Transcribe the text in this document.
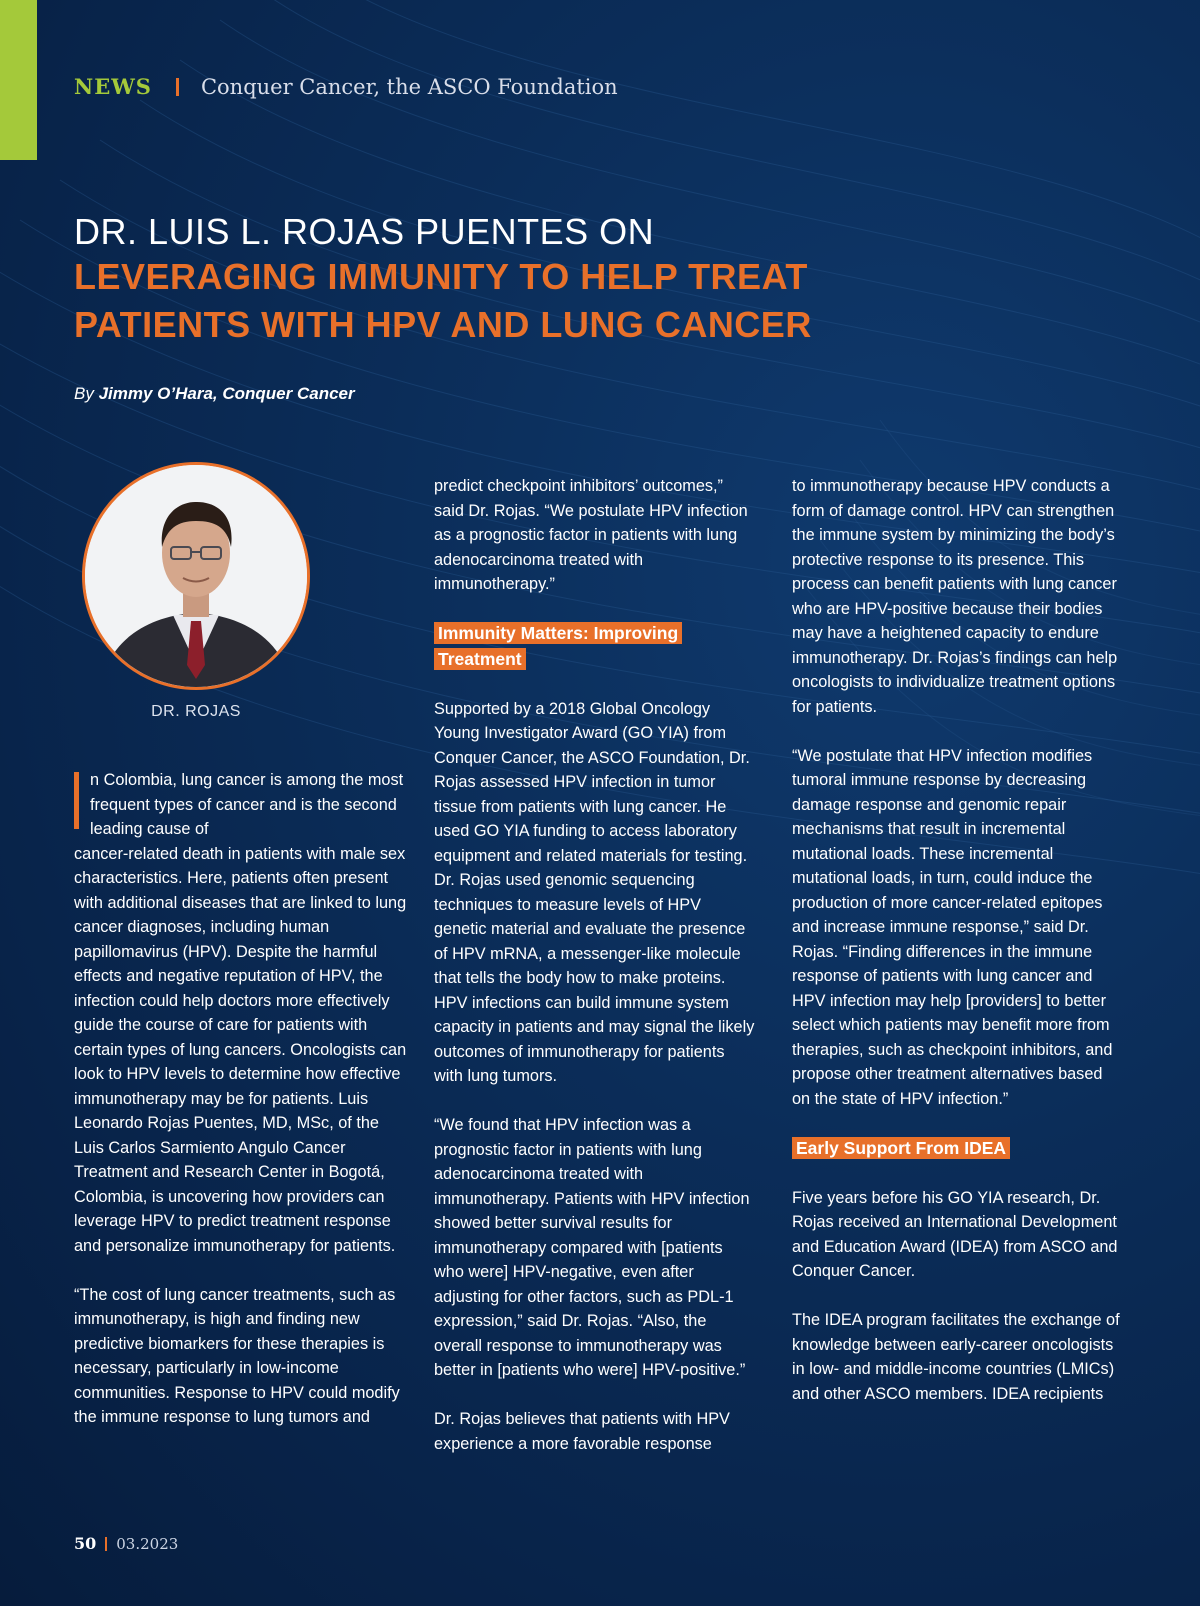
NEWS Conquer Cancer, the ASCO Foundation
DR. LUIS L. ROJAS PUENTES ON
LEVERAGING IMMUNITY TO HELP TREAT
PATIENTS WITH HPV AND LUNG CANCER
By Jimmy O’Hara, Conquer Cancer
DR. ROJAS
n Colombia, lung cancer is among the most frequent types of cancer and is the second leading cause of
cancer-related death in patients with male sex characteristics. Here, patients often present with additional diseases that are linked to lung cancer diagnoses, including human papillomavirus (HPV). Despite the harmful effects and negative reputation of HPV, the infection could help doctors more effectively guide the course of care for patients with certain types of lung cancers. Oncologists can look to HPV levels to determine how effective immunotherapy may be for patients. Luis Leonardo Rojas Puentes, MD, MSc, of the Luis Carlos Sarmiento Angulo Cancer Treatment and Research Center in Bogotá, Colombia, is uncovering how providers can leverage HPV to predict treatment response and personalize immunotherapy for patients.

“The cost of lung cancer treatments, such as immunotherapy, is high and finding new predictive biomarkers for these therapies is necessary, particularly in low-income communities. Response to HPV could modify the immune response to lung tumors and

predict checkpoint inhibitors’ outcomes,” said Dr. Rojas. “We postulate HPV infection as a prognostic factor in patients with lung adenocarcinoma treated with immunotherapy.”

Immunity Matters: Improving Treatment

Supported by a 2018 Global Oncology Young Investigator Award (GO YIA) from Conquer Cancer, the ASCO Foundation, Dr. Rojas assessed HPV infection in tumor tissue from patients with lung cancer. He used GO YIA funding to access laboratory equipment and related materials for testing. Dr. Rojas used genomic sequencing techniques to measure levels of HPV genetic material and evaluate the presence of HPV mRNA, a messenger-like molecule that tells the body how to make proteins. HPV infections can build immune system capacity in patients and may signal the likely outcomes of immunotherapy for patients with lung tumors.

“We found that HPV infection was a prognostic factor in patients with lung adenocarcinoma treated with immunotherapy. Patients with HPV infection showed better survival results for immunotherapy compared with [patients who were] HPV-negative, even after adjusting for other factors, such as PDL-1 expression,” said Dr. Rojas. “Also, the overall response to immunotherapy was better in [patients who were] HPV-positive.”

Dr. Rojas believes that patients with HPV experience a more favorable response

to immunotherapy because HPV conducts a form of damage control. HPV can strengthen the immune system by minimizing the body’s protective response to its presence. This process can benefit patients with lung cancer who are HPV-positive because their bodies may have a heightened capacity to endure immunotherapy. Dr. Rojas’s findings can help oncologists to individualize treatment options for patients.

“We postulate that HPV infection modifies tumoral immune response by decreasing damage response and genomic repair mechanisms that result in incremental mutational loads. These incremental mutational loads, in turn, could induce the production of more cancer-related epitopes and increase immune response,” said Dr. Rojas. “Finding differences in the immune response of patients with lung cancer and HPV infection may help [providers] to better select which patients may benefit more from therapies, such as checkpoint inhibitors, and propose other treatment alternatives based on the state of HPV infection.”

Early Support From IDEA

Five years before his GO YIA research, Dr. Rojas received an International Development and Education Award (IDEA) from ASCO and Conquer Cancer.

The IDEA program facilitates the exchange of knowledge between early-career oncologists in low- and middle-income countries (LMICs) and other ASCO members. IDEA recipients

50 03.2023
